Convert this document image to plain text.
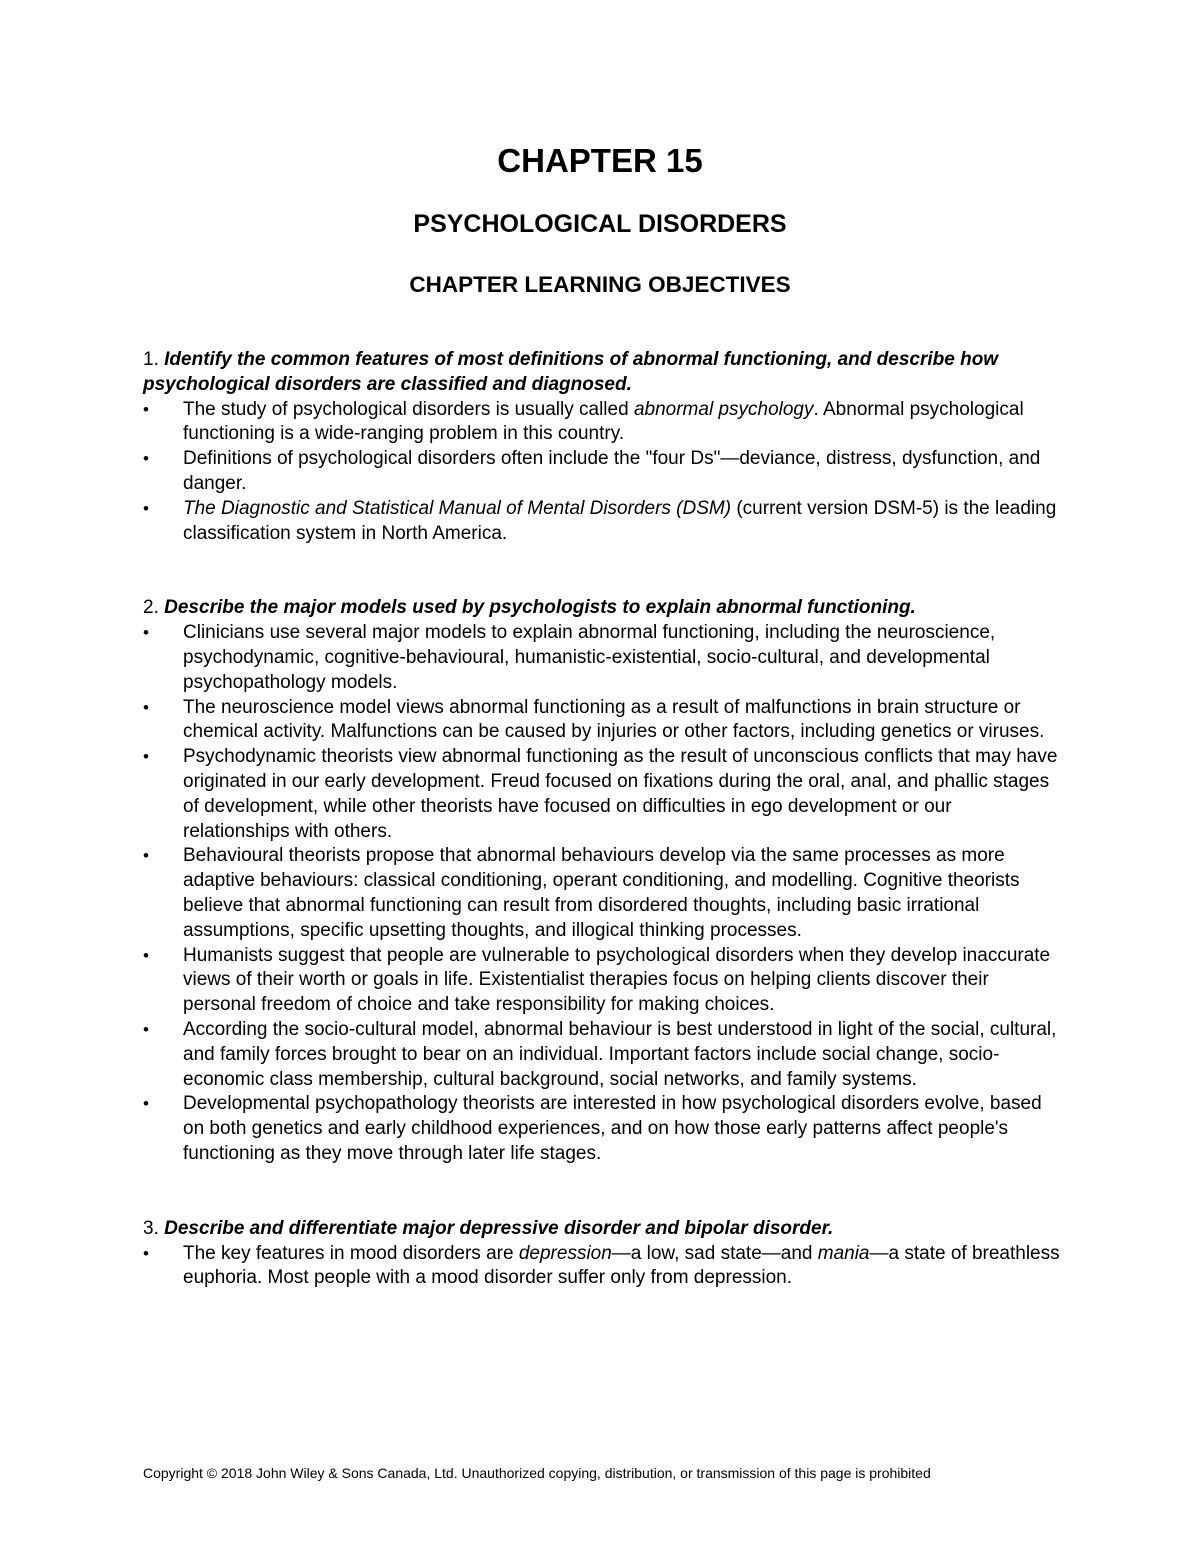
CHAPTER 15
PSYCHOLOGICAL DISORDERS
CHAPTER LEARNING OBJECTIVES

1. Identify the common features of most definitions of abnormal functioning, and describe how psychological disorders are classified and diagnosed.

• The study of psychological disorders is usually called abnormal psychology. Abnormal psychological functioning is a wide-ranging problem in this country.
• Definitions of psychological disorders often include the "four Ds"—deviance, distress, dysfunction, and danger.
• The Diagnostic and Statistical Manual of Mental Disorders (DSM) (current version DSM-5) is the leading classification system in North America.

2. Describe the major models used by psychologists to explain abnormal functioning.

• Clinicians use several major models to explain abnormal functioning, including the neuroscience, psychodynamic, cognitive-behavioural, humanistic-existential, socio-cultural, and developmental psychopathology models.
• The neuroscience model views abnormal functioning as a result of malfunctions in brain structure or chemical activity. Malfunctions can be caused by injuries or other factors, including genetics or viruses.
• Psychodynamic theorists view abnormal functioning as the result of unconscious conflicts that may have originated in our early development. Freud focused on fixations during the oral, anal, and phallic stages of development, while other theorists have focused on difficulties in ego development or our relationships with others.
• Behavioural theorists propose that abnormal behaviours develop via the same processes as more adaptive behaviours: classical conditioning, operant conditioning, and modelling. Cognitive theorists believe that abnormal functioning can result from disordered thoughts, including basic irrational assumptions, specific upsetting thoughts, and illogical thinking processes.
• Humanists suggest that people are vulnerable to psychological disorders when they develop inaccurate views of their worth or goals in life. Existentialist therapies focus on helping clients discover their personal freedom of choice and take responsibility for making choices.
• According the socio-cultural model, abnormal behaviour is best understood in light of the social, cultural, and family forces brought to bear on an individual. Important factors include social change, socio-economic class membership, cultural background, social networks, and family systems.
• Developmental psychopathology theorists are interested in how psychological disorders evolve, based on both genetics and early childhood experiences, and on how those early patterns affect people's functioning as they move through later life stages.

3. Describe and differentiate major depressive disorder and bipolar disorder.

• The key features in mood disorders are depression—a low, sad state—and mania—a state of breathless euphoria. Most people with a mood disorder suffer only from depression.
Copyright © 2018 John Wiley & Sons Canada, Ltd. Unauthorized copying, distribution, or transmission of this page is prohibited
